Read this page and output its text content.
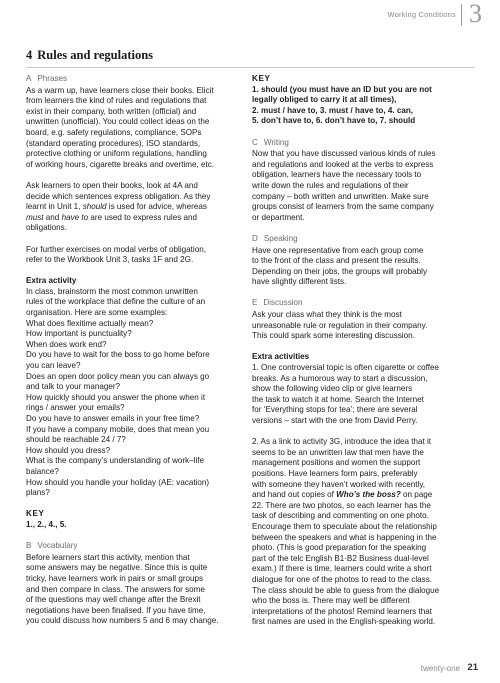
Working Conditions 3
4 Rules and regulations
A Phrases
As a warm up, have learners close their books. Elicit
from learners the kind of rules and regulations that
exist in their company, both written (official) and
unwritten (unofficial). You could collect ideas on the
board, e.g. safety regulations, compliance, SOPs
(standard operating procedures), ISO standards,
protective clothing or uniform regulations, handling
of working hours, cigarette breaks and overtime, etc.
Ask learners to open their books, look at 4A and
decide which sentences express obligation. As they
learnt in Unit 1, should is used for advice, whereas
must and have to are used to express rules and
obligations.
For further exercises on modal verbs of obligation,
refer to the Workbook Unit 3, tasks 1F and 2G.
Extra activity
In class, brainstorm the most common unwritten
rules of the workplace that define the culture of an
organisation. Here are some examples:
What does flexitime actually mean?
How important is punctuality?
When does work end?
Do you have to wait for the boss to go home before
you can leave?
Does an open door policy mean you can always go
and talk to your manager?
How quickly should you answer the phone when it
rings / answer your emails?
Do you have to answer emails in your free time?
If you have a company mobile, does that mean you
should be reachable 24 / 7?
How should you dress?
What is the company’s understanding of work–life
balance?
How should you handle your holiday (AE: vacation)
plans?
KEY
1., 2., 4., 5.
B Vocabulary
Before learners start this activity, mention that
some answers may be negative. Since this is quite
tricky, have learners work in pairs or small groups
and then compare in class. The answers for some
of the questions may well change after the Brexit
negotiations have been finalised. If you have time,
you could discuss how numbers 5 and 6 may change.
KEY
1. should (you must have an ID but you are not
legally obliged to carry it at all times),
2. must / have to, 3. must / have to, 4. can,
5. don’t have to, 6. don’t have to, 7. should
C Writing
Now that you have discussed various kinds of rules
and regulations and looked at the verbs to express
obligation, learners have the necessary tools to
write down the rules and regulations of their
company – both written and unwritten. Make sure
groups consist of learners from the same company
or department.
D Speaking
Have one representative from each group come
to the front of the class and present the results.
Depending on their jobs, the groups will probably
have slightly different lists.
E Discussion
Ask your class what they think is the most
unreasonable rule or regulation in their company.
This could spark some interesting discussion.
Extra activities
1. One controversial topic is often cigarette or coffee
breaks. As a humorous way to start a discussion,
show the following video clip or give learners
the task to watch it at home. Search the Internet
for ‘Everything stops for tea’; there are several
versions – start with the one from David Perry.
2. As a link to activity 3G, introduce the idea that it
seems to be an unwritten law that men have the
management positions and women the support
positions. Have learners form pairs, preferably
with someone they haven’t worked with recently,
and hand out copies of Who’s the boss? on page
22. There are two photos, so each learner has the
task of describing and commenting on one photo.
Encourage them to speculate about the relationship
between the speakers and what is happening in the
photo. (This is good preparation for the speaking
part of the telc English B1·B2 Business dual-level
exam.) If there is time, learners could write a short
dialogue for one of the photos to read to the class.
The class should be able to guess from the dialogue
who the boss is. There may well be different
interpretations of the photos! Remind learners that
first names are used in the English-speaking world.
twenty-one 21
